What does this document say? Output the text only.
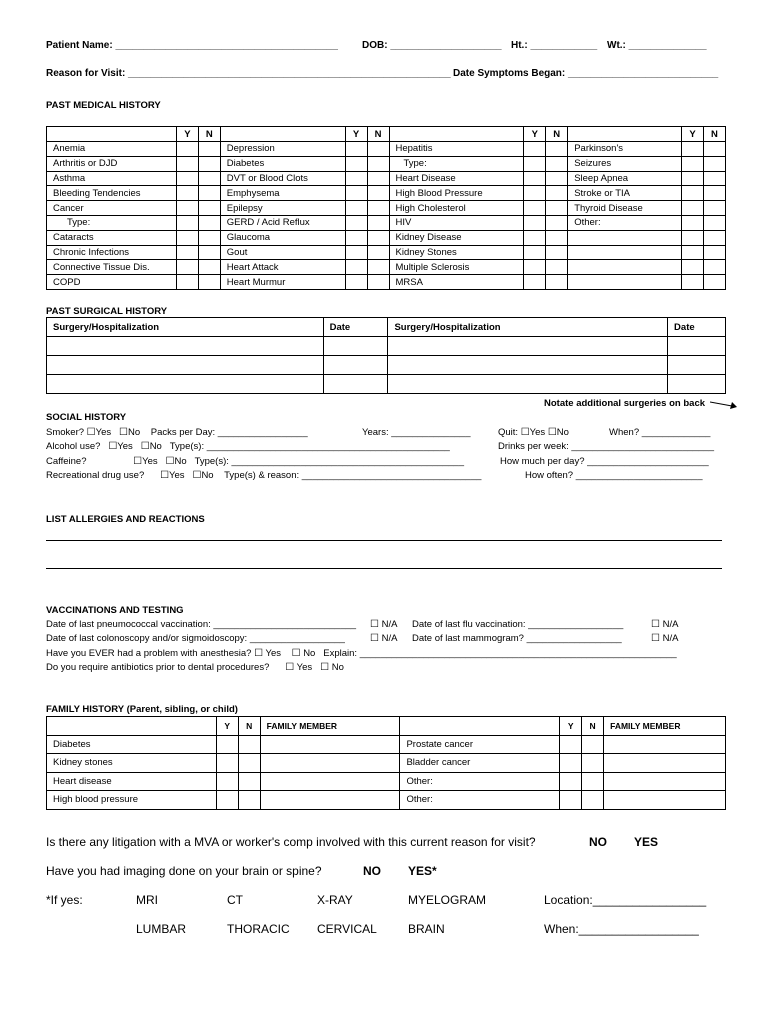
Patient Name: ________________________________________ DOB: ____________________ Ht.: ____________ Wt.: ______________
Reason for Visit: __________________________________________________________ Date Symptoms Began: ___________________________
PAST MEDICAL HISTORY
	Y	N		Y	N		Y	N		Y	N
Anemia			Depression			Hepatitis			Parkinson's		
Arthritis or DJD			Diabetes			Type:			Seizures		
Asthma			DVT or Blood Clots			Heart Disease			Sleep Apnea		
Bleeding Tendencies			Emphysema			High Blood Pressure			Stroke or TIA		
Cancer			Epilepsy			High Cholesterol			Thyroid Disease		
Type:			GERD / Acid Reflux			HIV			Other:		
Cataracts			Glaucoma			Kidney Disease					
Chronic Infections			Gout			Kidney Stones					
Connective Tissue Dis.			Heart Attack			Multiple Sclerosis					
COPD			Heart Murmur			MRSA					
PAST SURGICAL HISTORY
Surgery/Hospitalization	Date	Surgery/Hospitalization	Date

Notate additional surgeries on back
SOCIAL HISTORY
Smoker? ☐Yes ☐No Packs per Day: _________________	Years: _______________	Quit: ☐Yes ☐No	When? _____________
Alcohol use? ☐Yes ☐No Type(s): ______________________________________________	Drinks per week: ___________________________
Caffeine?	☐Yes ☐No Type(s): ____________________________________________	How much per day? _______________________
Recreational drug use? ☐Yes ☐No Type(s) & reason: __________________________________	How often? ________________________
LIST ALLERGIES AND REACTIONS
VACCINATIONS AND TESTING
Date of last pneumococcal vaccination: ___________________________ ☐ N/A Date of last flu vaccination: __________________	☐ N/A
Date of last colonoscopy and/or sigmoidoscopy: __________________	☐ N/A Date of last mammogram? __________________	☐ N/A
Have you EVER had a problem with anesthesia? ☐ Yes ☐ No Explain: ____________________________________________________________
Do you require antibiotics prior to dental procedures? ☐ Yes ☐ No
FAMILY HISTORY (Parent, sibling, or child)
	Y	N	FAMILY MEMBER		Y	N	FAMILY MEMBER
Diabetes				Prostate cancer			
Kidney stones				Bladder cancer			
Heart disease				Other:			
High blood pressure				Other:			
Is there any litigation with a MVA or worker's comp involved with this current reason for visit?	NO YES
Have you had imaging done on your brain or spine?	NO YES*
*If yes:	MRI	CT	X-RAY	MYELOGRAM	Location:_________________
LUMBAR	THORACIC CERVICAL	BRAIN	When:__________________
